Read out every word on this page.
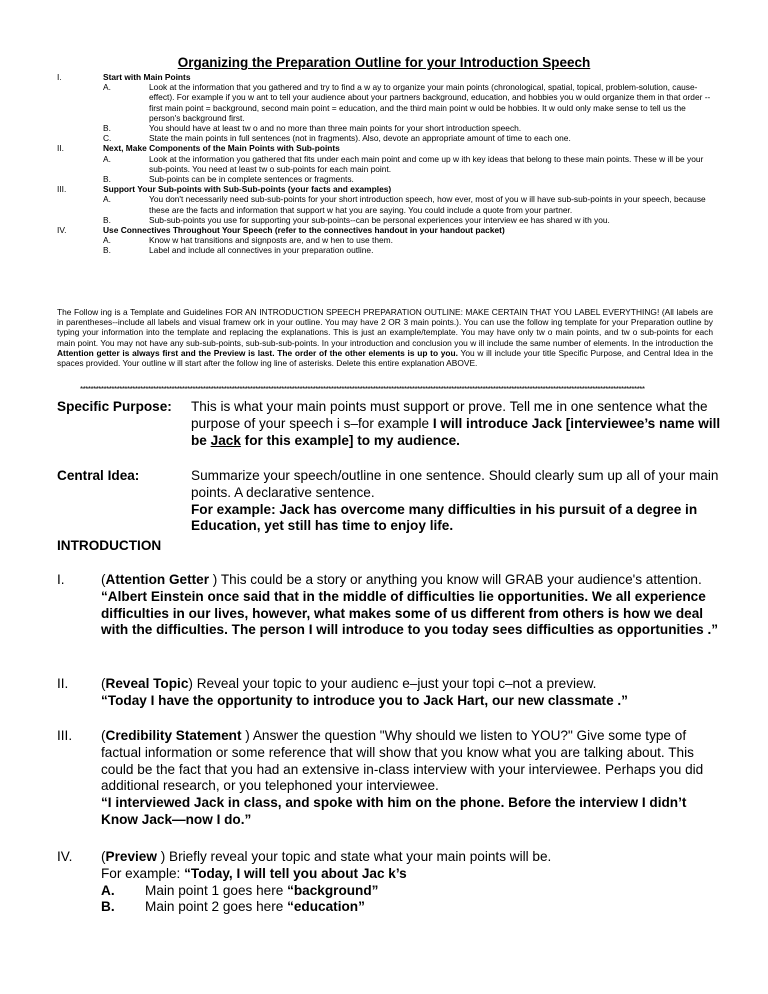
Organizing the Preparation Outline for your Introduction Speech
I.	Start with Main Points
A.	Look at the information that you gathered and try to find a w ay to organize your main points (chronological, spatial, topical, problem-solution, cause-effect). For example if you w ant to tell your audience about your partners background, education, and hobbies you w ould organize them in that order -- first main point = background, second main point = education, and the third main point w ould be hobbies. It w ould only make sense to tell us the person's background first.
B.	You should have at least tw o and no more than three main points for your short introduction speech.
C.	State the main points in full sentences (not in fragments). Also, devote an appropriate amount of time to each one.
II.	Next, Make Components of the Main Points with Sub-points
A.	Look at the information you gathered that fits under each main point and come up w ith key ideas that belong to these main points. These w ill be your sub-points. You need at least tw o sub-points for each main point.
B.	Sub-points can be in complete sentences or fragments.
III.	Support Your Sub-points with Sub-Sub-points (your facts and examples)
A.	You don't necessarily need sub-sub-points for your short introduction speech, how ever, most of you w ill have sub-sub-points in your speech, because these are the facts and information that support w hat you are saying. You could include a quote from your partner.
B.	Sub-sub-points you use for supporting your sub-points--can be personal experiences your interview ee has shared w ith you.
IV.	Use Connectives Throughout Your Speech (refer to the connectives handout in your handout packet)
A.	Know w hat transitions and signposts are, and w hen to use them.
B.	Label and include all connectives in your preparation outline.
The Follow ing is a Template and Guidelines FOR AN INTRODUCTION SPEECH PREPARATION OUTLINE: MAKE CERTAIN THAT YOU LABEL EVERYTHING! (All labels are in parentheses--include all labels and visual framew ork in your outline. You may have 2 OR 3 main points.). You can use the follow ing template for your Preparation outline by typing your information into the template and replacing the explanations. This is just an example/template. You may have only tw o main points, and tw o sub-points for each main point. You may not have any sub-sub-points, sub-sub-sub-points. In your introduction and conclusion you w ill include the same number of elements. In the introduction the Attention getter is always first and the Preview is last. The order of the other elements is up to you. You w ill include your title Specific Purpose, and Central Idea in the spaces provided. Your outline w ill start after the follow ing line of asterisks. Delete this entire explanation ABOVE.
************************************************************************************************************************************************************************************************************************
Specific Purpose: This is what your main points must support or prove. Tell me in one sentence what the purpose of your speech i s–for example I will introduce Jack [interviewee’s name will be Jack for this example] to my audience.
Central Idea:	Summarize your speech/outline in one sentence. Should clearly sum up all of your main points. A declarative sentence.
For example: Jack has overcome many difficulties in his pursuit of a degree in Education, yet still has time to enjoy life.
INTRODUCTION
I.	(Attention Getter ) This could be a story or anything you know will GRAB your audience's attention. “Albert Einstein once said that in the middle of difficulties lie opportunities. We all experience difficulties in our lives, however, what makes some of us different from others is how we deal with the difficulties. The person I will introduce to you today sees difficulties as opportunities .”
II. (Reveal Topic) Reveal your topic to your audienc e–just your topi c–not a preview.
“Today I have the opportunity to introduce you to Jack Hart, our new classmate .”
III. (Credibility Statement ) Answer the question "Why should we listen to YOU?" Give some type of factual information or some reference that will show that you know what you are talking about. This could be the fact that you had an extensive in-class interview with your interviewee. Perhaps you did additional research, or you telephoned your interviewee.
“I interviewed Jack in class, and spoke with him on the phone. Before the interview I didn’t Know Jack—now I do.”
IV. (Preview ) Briefly reveal your topic and state what your main points will be.
For example: “Today, I will tell you about Jac k’s
A.	Main point 1 goes here “background”
B.	Main point 2 goes here “education”
